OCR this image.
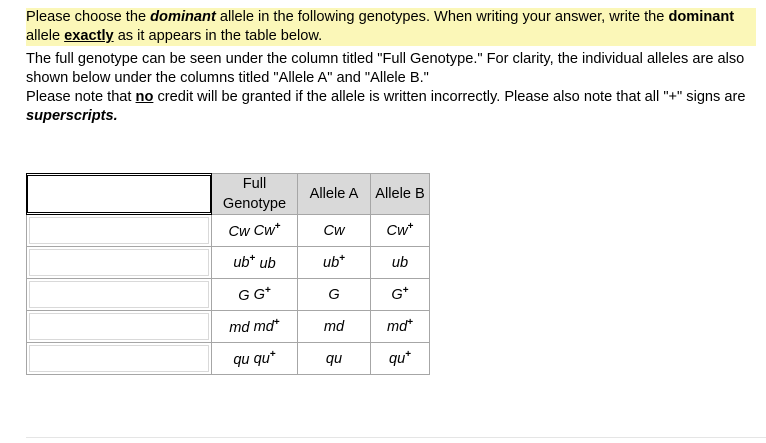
Please choose the dominant allele in the following genotypes. When writing your answer, write the dominant allele exactly as it appears in the table below.
The full genotype can be seen under the column titled "Full Genotype." For clarity, the individual alleles are also shown below under the columns titled "Allele A" and "Allele B."
Please note that no credit will be granted if the allele is written incorrectly. Please also note that all "+" signs are superscripts.
	Full Genotype	Allele A	Allele B

	Cw Cw+	Cw	Cw+

	ub+ ub	ub+	ub

	G G+	G	G+

	md md+	md	md+

	qu qu+	qu	qu+
